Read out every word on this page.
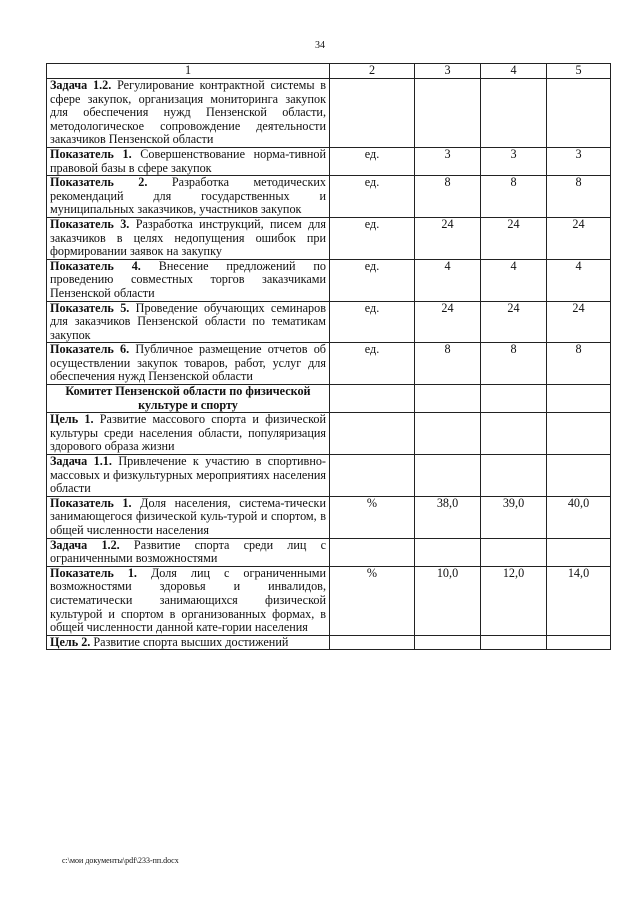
34
1	2	3	4	5
Задача 1.2. Регулирование контрактной системы в сфере закупок, организация мониторинга закупок для обеспечения нужд Пензенской области, методологическое сопровождение деятельности заказчиков Пензенской области				
Показатель 1. Совершенствование норма-тивной правовой базы в сфере закупок	ед.	3	3	3
Показатель 2. Разработка методических рекомендаций для государственных и муниципальных заказчиков, участников закупок	ед.	8	8	8
Показатель 3. Разработка инструкций, писем для заказчиков в целях недопущения ошибок при формировании заявок на закупку	ед.	24	24	24
Показатель 4. Внесение предложений по проведению совместных торгов заказчиками Пензенской области	ед.	4	4	4
Показатель 5. Проведение обучающих семинаров для заказчиков Пензенской области по тематикам закупок	ед.	24	24	24
Показатель 6. Публичное размещение отчетов об осуществлении закупок товаров, работ, услуг для обеспечения нужд Пензенской области	ед.	8	8	8
Комитет Пензенской области по физической культуре и спорту				
Цель 1. Развитие массового спорта и физической культуры среди населения области, популяризация здорового образа жизни				
Задача 1.1. Привлечение к участию в спортивно-массовых и физкультурных мероприятиях населения области				
Показатель 1. Доля населения, система-тически занимающегося физической куль-турой и спортом, в общей численности населения	%	38,0	39,0	40,0
Задача 1.2. Развитие спорта среди лиц с ограниченными возможностями				
Показатель 1. Доля лиц с ограниченными возможностями здоровья и инвалидов, систематически занимающихся физической культурой и спортом в организованных формах, в общей численности данной кате-гории населения	%	10,0	12,0	14,0
Цель 2. Развитие спорта высших достижений				
c:\мои документы\pdf\233-пп.docx
